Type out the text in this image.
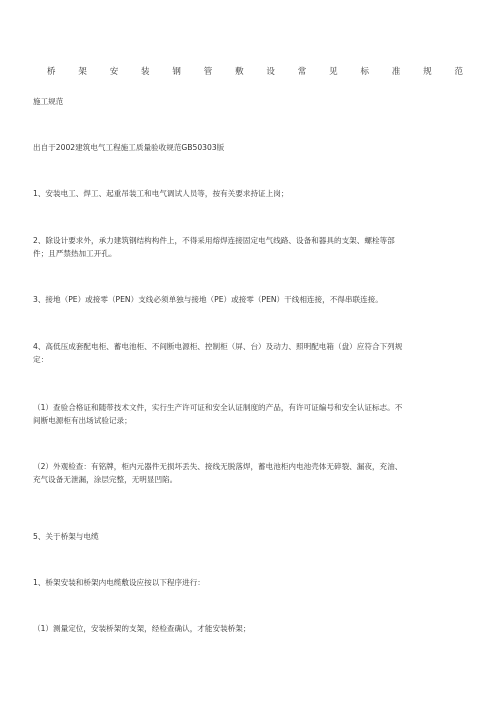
桥	架	安	装	钢	管	敷	设	常	见	标	准	规	范
施工规范
出自于2002建筑电气工程施工质量验收规范GB50303版
1、安装电工、焊工、起重吊装工和电气调试人员等，按有关要求持证上岗；
2、除设计要求外，承力建筑钢结构构件上，不得采用熔焊连接固定电气线路、设备和器具的支架、螺栓等部
件；且严禁热加工开孔。
3、接地（PE）或接零（PEN）支线必须单独与接地（PE）或接零（PEN）干线相连接，不得串联连接。
4、高低压成套配电柜、蓄电池柜、不间断电源柜、控制柜（屏、台）及动力、照明配电箱（盘）应符合下列规
定：
（1）查验合格证和随带技术文件，实行生产许可证和安全认证制度的产品，有许可证编号和安全认证标志。不
间断电源柜有出场试验记录；
（2）外观检查：有铭牌，柜内元器件无损坏丢失、接线无脱落焊，蓄电池柜内电池壳体无碎裂、漏夜，充油、
充气设备无泄漏，涂层完整，无明显凹陷。
5、关于桥架与电缆
1、桥架安装和桥架内电缆敷设应按以下程序进行：
（1）测量定位，安装桥架的支架，经检查确认，才能安装桥架；
